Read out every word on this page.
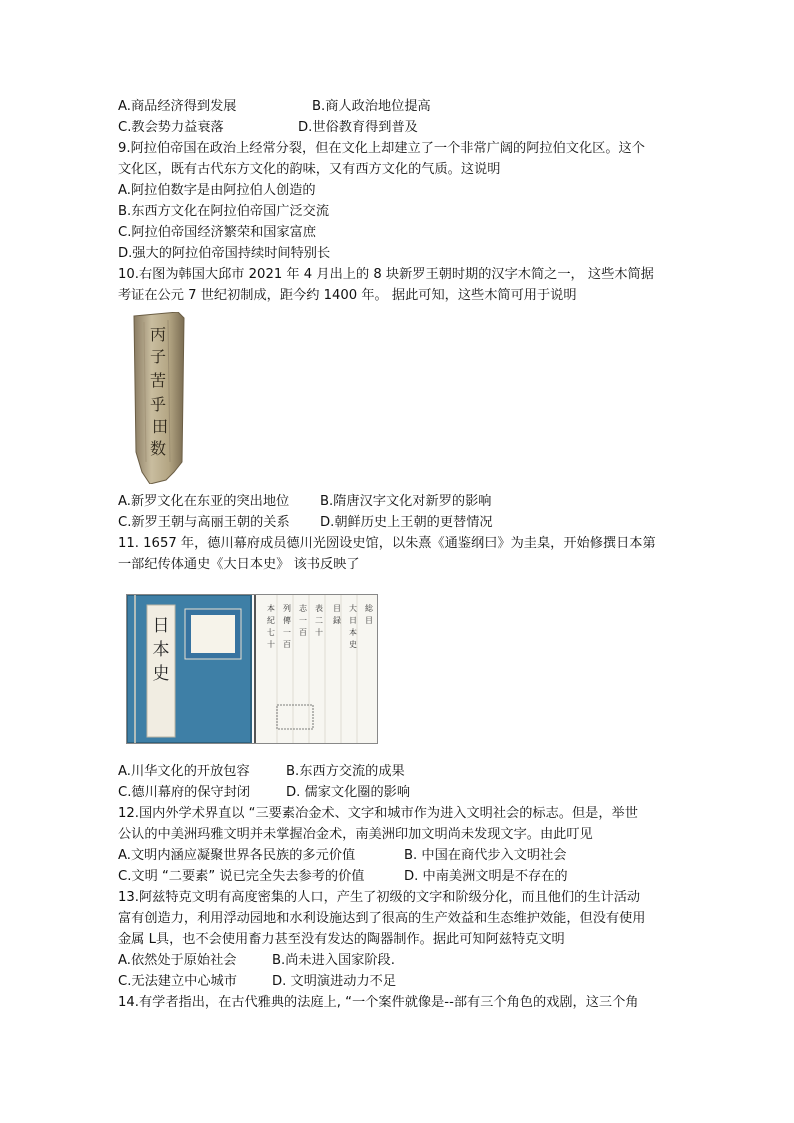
A.商品经济得到发展	B.商人政治地位提高
C.教会势力益衰落	D.世俗教育得到普及
9.阿拉伯帝国在政治上经常分裂，但在文化上却建立了一个非常广阔的阿拉伯文化区。这个
文化区，既有古代东方文化的韵味，又有西方文化的气质。这说明
A.阿拉伯数字是由阿拉伯人创造的
B.东西方文化在阿拉伯帝国广泛交流
C.阿拉伯帝国经济繁荣和国家富庶
D.强大的阿拉伯帝国持续时间特别长
10.右图为韩国大邱市 2021 年 4 月出上的 8 块新罗王朝时期的汉字木简之一， 这些木简据
考证在公元 7 世纪初制成，距今约 1400 年。 据此可知，这些木简可用于说明
丙
子
苦
乎
田
数
A.新罗文化在东亚的突出地位 B.隋唐汉字文化对新罗的影响
C.新罗王朝与高丽王朝的关系 D.朝鲜历史上王朝的更替情况
11. 1657 年，德川幕府成员德川光圀设史馆，以朱熹《通鉴纲曰》为圭臬，开始修撰日本第
一部纪传体通史《大日本史》 该书反映了
日
本
史
本
紀
七
十
列
傳
一
百
志
一
百
表
二
十
目
録
大
日
本
史
総
目
A.川华文化的开放包容	B.东西方交流的成果
C.德川幕府的保守封闭	D. 儒家文化圈的影响
12.国内外学术界直以 “三要素冶金术、文字和城市作为进入文明社会的标志。但是，举世
公认的中美洲玛雅文明并未掌握冶金术，南美洲印加文明尚未发现文字。由此叮见
A.文明内涵应凝聚世界各民族的多元价值	B. 中国在商代步入文明社会
C.文明 “二要素” 说已完全失去参考的价值	D. 中南美洲文明是不存在的
13.阿兹特克文明有高度密集的人口，产生了初级的文字和阶级分化，而且他们的生计活动
富有创造力，利用浮动园地和水利设施达到了很高的生产效益和生态维护效能，但没有使用
金属 L具，也不会使用畜力甚至没有发达的陶器制作。据此可知阿兹特克文明
A.依然处于原始社会	B.尚未进入国家阶段.
C.无法建立中心城市	D. 文明演进动力不足
14.有学者指出，在古代雅典的法庭上, “一个案件就像是--部有三个角色的戏剧，这三个角
